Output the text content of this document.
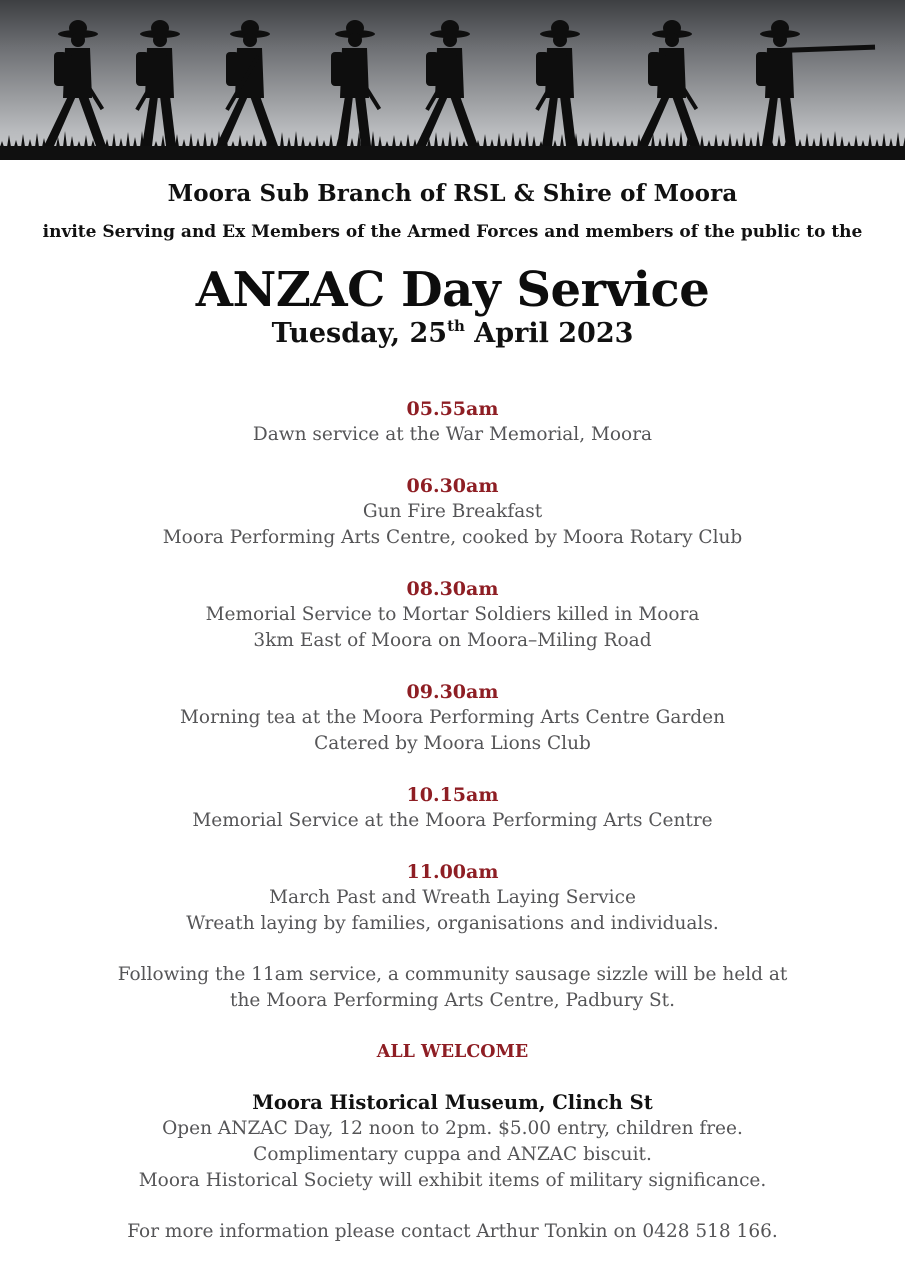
Moora Sub Branch of RSL & Shire of Moora
invite Serving and Ex Members of the Armed Forces and members of the public to the
ANZAC Day Service
Tuesday, 25th April 2023
05.55am
Dawn service at the War Memorial, Moora
06.30am
Gun Fire Breakfast
Moora Performing Arts Centre, cooked by Moora Rotary Club
08.30am
Memorial Service to Mortar Soldiers killed in Moora
3km East of Moora on Moora–Miling Road
09.30am
Morning tea at the Moora Performing Arts Centre Garden
Catered by Moora Lions Club
10.15am
Memorial Service at the Moora Performing Arts Centre
11.00am
March Past and Wreath Laying Service
Wreath laying by families, organisations and individuals.
Following the 11am service, a community sausage sizzle will be held at
the Moora Performing Arts Centre, Padbury St.
ALL WELCOME
Moora Historical Museum, Clinch St
Open ANZAC Day, 12 noon to 2pm. $5.00 entry, children free.
Complimentary cuppa and ANZAC biscuit.
Moora Historical Society will exhibit items of military significance.
For more information please contact Arthur Tonkin on 0428 518 166.
